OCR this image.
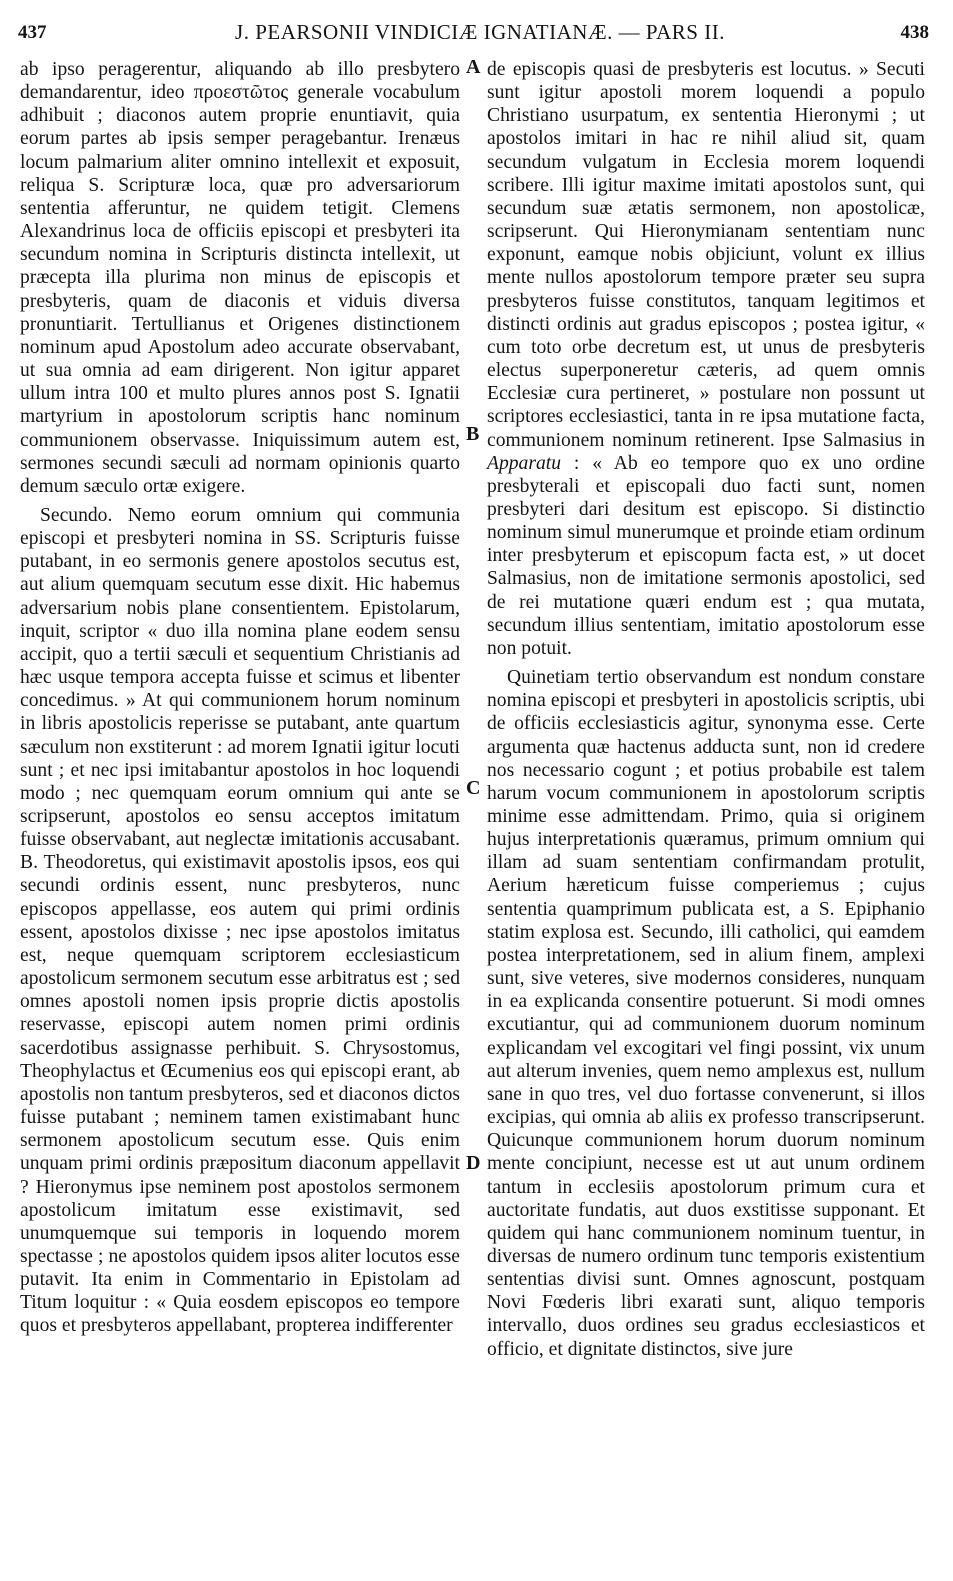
437	J. PEARSONII VINDICIÆ IGNATIANÆ. — PARS II.	438
A
B
C
D

ab ipso peragerentur, aliquando ab illo presbytero demandarentur, ideo προεστῶτος generale vocabulum adhibuit ; diaconos autem proprie enuntiavit, quia eorum partes ab ipsis semper peragebantur. Irenæus locum palmarium aliter omnino intellexit et exposuit, reliqua S. Scripturæ loca, quæ pro adversariorum sententia afferuntur, ne quidem tetigit. Clemens Alexandrinus loca de officiis episcopi et presbyteri ita secundum nomina in Scripturis distincta intellexit, ut præcepta illa plurima non minus de episcopis et presbyteris, quam de diaconis et viduis diversa pronuntiarit. Tertullianus et Origenes distinctionem nominum apud Apostolum adeo accurate observabant, ut sua omnia ad eam dirigerent. Non igitur apparet ullum intra 100 et multo plures annos post S. Ignatii martyrium in apostolorum scriptis hanc nominum communionem observasse. Iniquissimum autem est, sermones secundi sæculi ad normam opinionis quarto demum sæculo ortæ exigere.

Secundo. Nemo eorum omnium qui communia episcopi et presbyteri nomina in SS. Scripturis fuisse putabant, in eo sermonis genere apostolos secutus est, aut alium quemquam secutum esse dixit. Hic habemus adversarium nobis plane consentientem. Epistolarum, inquit, scriptor « duo illa nomina plane eodem sensu accipit, quo a tertii sæculi et sequentium Christianis ad hæc usque tempora accepta fuisse et scimus et libenter concedimus. » At qui communionem horum nominum in libris apostolicis reperisse se putabant, ante quartum sæculum non exstiterunt : ad morem Ignatii igitur locuti sunt ; et nec ipsi imitabantur apostolos in hoc loquendi modo ; nec quemquam eorum omnium qui ante se scripserunt, apostolos eo sensu acceptos imitatum fuisse observabant, aut neglectæ imitationis accusabant. B. Theodoretus, qui existimavit apostolis ipsos, eos qui secundi ordinis essent, nunc presbyteros, nunc episcopos appellasse, eos autem qui primi ordinis essent, apostolos dixisse ; nec ipse apostolos imitatus est, neque quemquam scriptorem ecclesiasticum apostolicum sermonem secutum esse arbitratus est ; sed omnes apostoli nomen ipsis proprie dictis apostolis reservasse, episcopi autem nomen primi ordinis sacerdotibus assignasse perhibuit. S. Chrysostomus, Theophylactus et Œcumenius eos qui episcopi erant, ab apostolis non tantum presbyteros, sed et diaconos dictos fuisse putabant ; neminem tamen existimabant hunc sermonem apostolicum secutum esse. Quis enim unquam primi ordinis præpositum diaconum appellavit ? Hieronymus ipse neminem post apostolos sermonem apostolicum imitatum esse existimavit, sed unumquemque sui temporis in loquendo morem spectasse ; ne apostolos quidem ipsos aliter locutos esse putavit. Ita enim in Commentario in Epistolam ad Titum loquitur : « Quia eosdem episcopos eo tempore quos et presbyteros appellabant, propterea indifferenter

de episcopis quasi de presbyteris est locutus. » Secuti sunt igitur apostoli morem loquendi a populo Christiano usurpatum, ex sententia Hieronymi ; ut apostolos imitari in hac re nihil aliud sit, quam secundum vulgatum in Ecclesia morem loquendi scribere. Illi igitur maxime imitati apostolos sunt, qui secundum suæ ætatis sermonem, non apostolicæ, scripserunt. Qui Hieronymianam sententiam nunc exponunt, eamque nobis objiciunt, volunt ex illius mente nullos apostolorum tempore præter seu supra presbyteros fuisse constitutos, tanquam legitimos et distincti ordinis aut gradus episcopos ; postea igitur, « cum toto orbe decretum est, ut unus de presbyteris electus superponeretur cæteris, ad quem omnis Ecclesiæ cura pertineret, » postulare non possunt ut scriptores ecclesiastici, tanta in re ipsa mutatione facta, communionem nominum retinerent. Ipse Salmasius in Apparatu : « Ab eo tempore quo ex uno ordine presbyterali et episcopali duo facti sunt, nomen presbyteri dari desitum est episcopo. Si distinctio nominum simul munerumque et proinde etiam ordinum inter presbyterum et episcopum facta est, » ut docet Salmasius, non de imitatione sermonis apostolici, sed de rei mutatione quæri endum est ; qua mutata, secundum illius sententiam, imitatio apostolorum esse non potuit.

Quinetiam tertio observandum est nondum constare nomina episcopi et presbyteri in apostolicis scriptis, ubi de officiis ecclesiasticis agitur, synonyma esse. Certe argumenta quæ hactenus adducta sunt, non id credere nos necessario cogunt ; et potius probabile est talem harum vocum communionem in apostolorum scriptis minime esse admittendam. Primo, quia si originem hujus interpretationis quæramus, primum omnium qui illam ad suam sententiam confirmandam protulit, Aerium hæreticum fuisse comperiemus ; cujus sententia quamprimum publicata est, a S. Epiphanio statim explosa est. Secundo, illi catholici, qui eamdem postea interpretationem, sed in alium finem, amplexi sunt, sive veteres, sive modernos consideres, nunquam in ea explicanda consentire potuerunt. Si modi omnes excutiantur, qui ad communionem duorum nominum explicandam vel excogitari vel fingi possint, vix unum aut alterum invenies, quem nemo amplexus est, nullum sane in quo tres, vel duo fortasse convenerunt, si illos excipias, qui omnia ab aliis ex professo transcripserunt. Quicunque communionem horum duorum nominum mente concipiunt, necesse est ut aut unum ordinem tantum in ecclesiis apostolorum primum cura et auctoritate fundatis, aut duos exstitisse supponant. Et quidem qui hanc communionem nominum tuentur, in diversas de numero ordinum tunc temporis existentium sententias divisi sunt. Omnes agnoscunt, postquam Novi Fœderis libri exarati sunt, aliquo temporis intervallo, duos ordines seu gradus ecclesiasticos et officio, et dignitate distinctos, sive jure
